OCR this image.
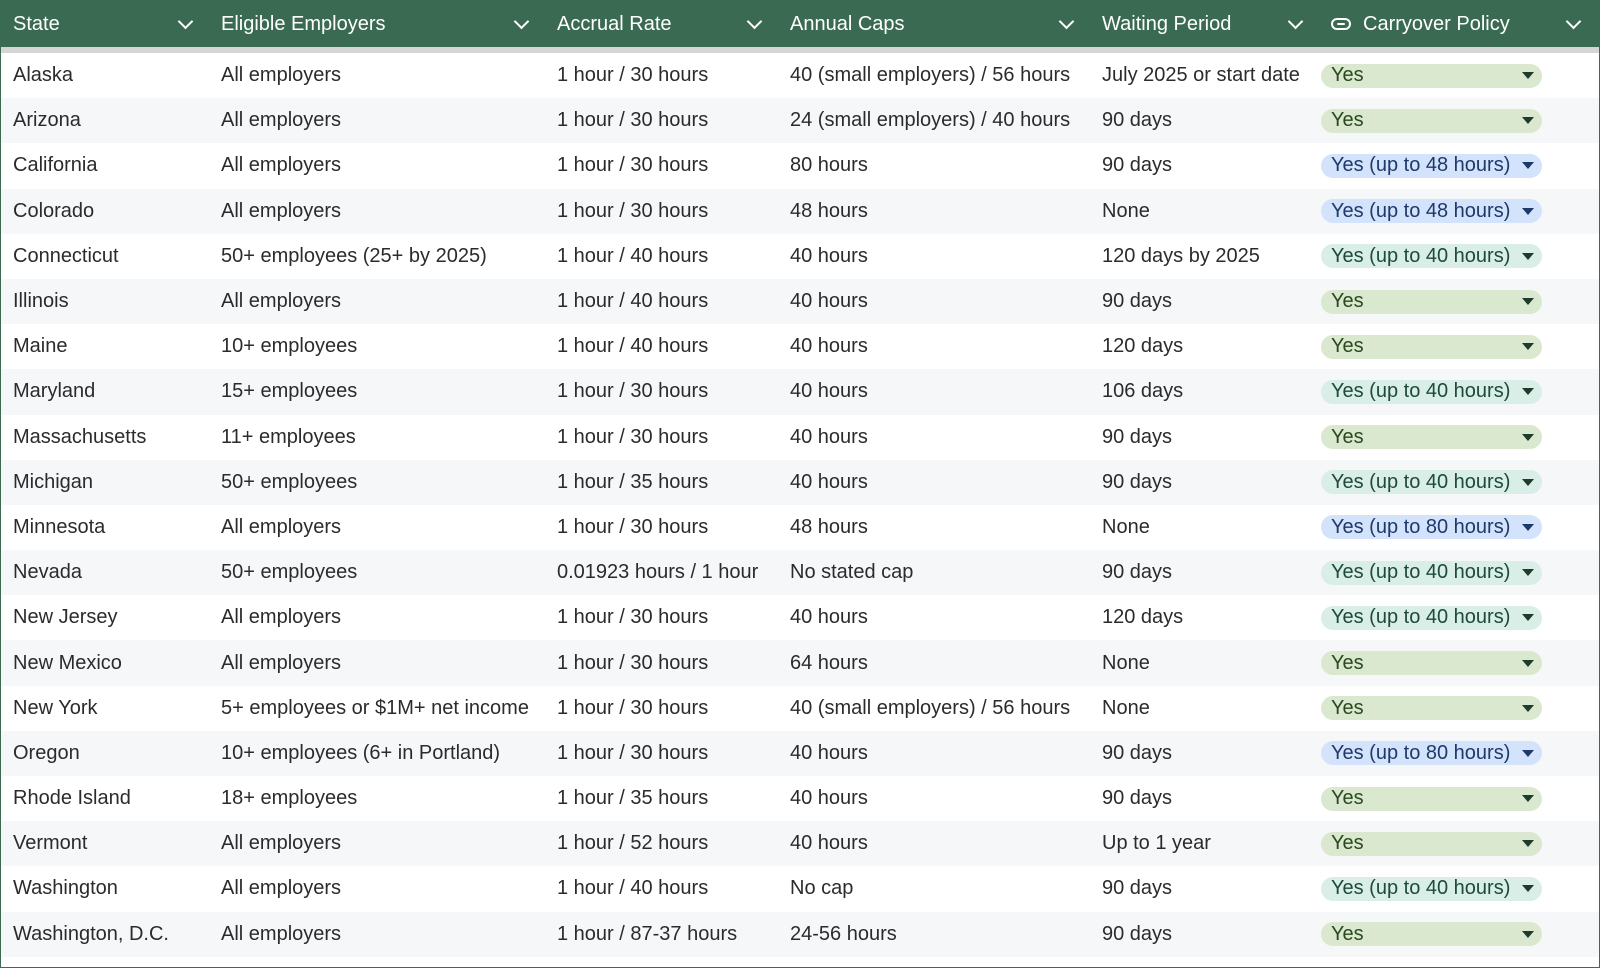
State	Eligible Employers	Accrual Rate	Annual Caps	Waiting Period	Carryover Policy
Alaska	All employers	1 hour / 30 hours	40 (small employers) / 56 hours	July 2025 or start date	Yes
Arizona	All employers	1 hour / 30 hours	24 (small employers) / 40 hours	90 days	Yes
California	All employers	1 hour / 30 hours	80 hours	90 days	Yes (up to 48 hours)
Colorado	All employers	1 hour / 30 hours	48 hours	None	Yes (up to 48 hours)
Connecticut	50+ employees (25+ by 2025)	1 hour / 40 hours	40 hours	120 days by 2025	Yes (up to 40 hours)
Illinois	All employers	1 hour / 40 hours	40 hours	90 days	Yes
Maine	10+ employees	1 hour / 40 hours	40 hours	120 days	Yes
Maryland	15+ employees	1 hour / 30 hours	40 hours	106 days	Yes (up to 40 hours)
Massachusetts	11+ employees	1 hour / 30 hours	40 hours	90 days	Yes
Michigan	50+ employees	1 hour / 35 hours	40 hours	90 days	Yes (up to 40 hours)
Minnesota	All employers	1 hour / 30 hours	48 hours	None	Yes (up to 80 hours)
Nevada	50+ employees	0.01923 hours / 1 hour	No stated cap	90 days	Yes (up to 40 hours)
New Jersey	All employers	1 hour / 30 hours	40 hours	120 days	Yes (up to 40 hours)
New Mexico	All employers	1 hour / 30 hours	64 hours	None	Yes
New York	5+ employees or $1M+ net income	1 hour / 30 hours	40 (small employers) / 56 hours	None	Yes
Oregon	10+ employees (6+ in Portland)	1 hour / 30 hours	40 hours	90 days	Yes (up to 80 hours)
Rhode Island	18+ employees	1 hour / 35 hours	40 hours	90 days	Yes
Vermont	All employers	1 hour / 52 hours	40 hours	Up to 1 year	Yes
Washington	All employers	1 hour / 40 hours	No cap	90 days	Yes (up to 40 hours)
Washington, D.C.	All employers	1 hour / 87-37 hours	24-56 hours	90 days	Yes
